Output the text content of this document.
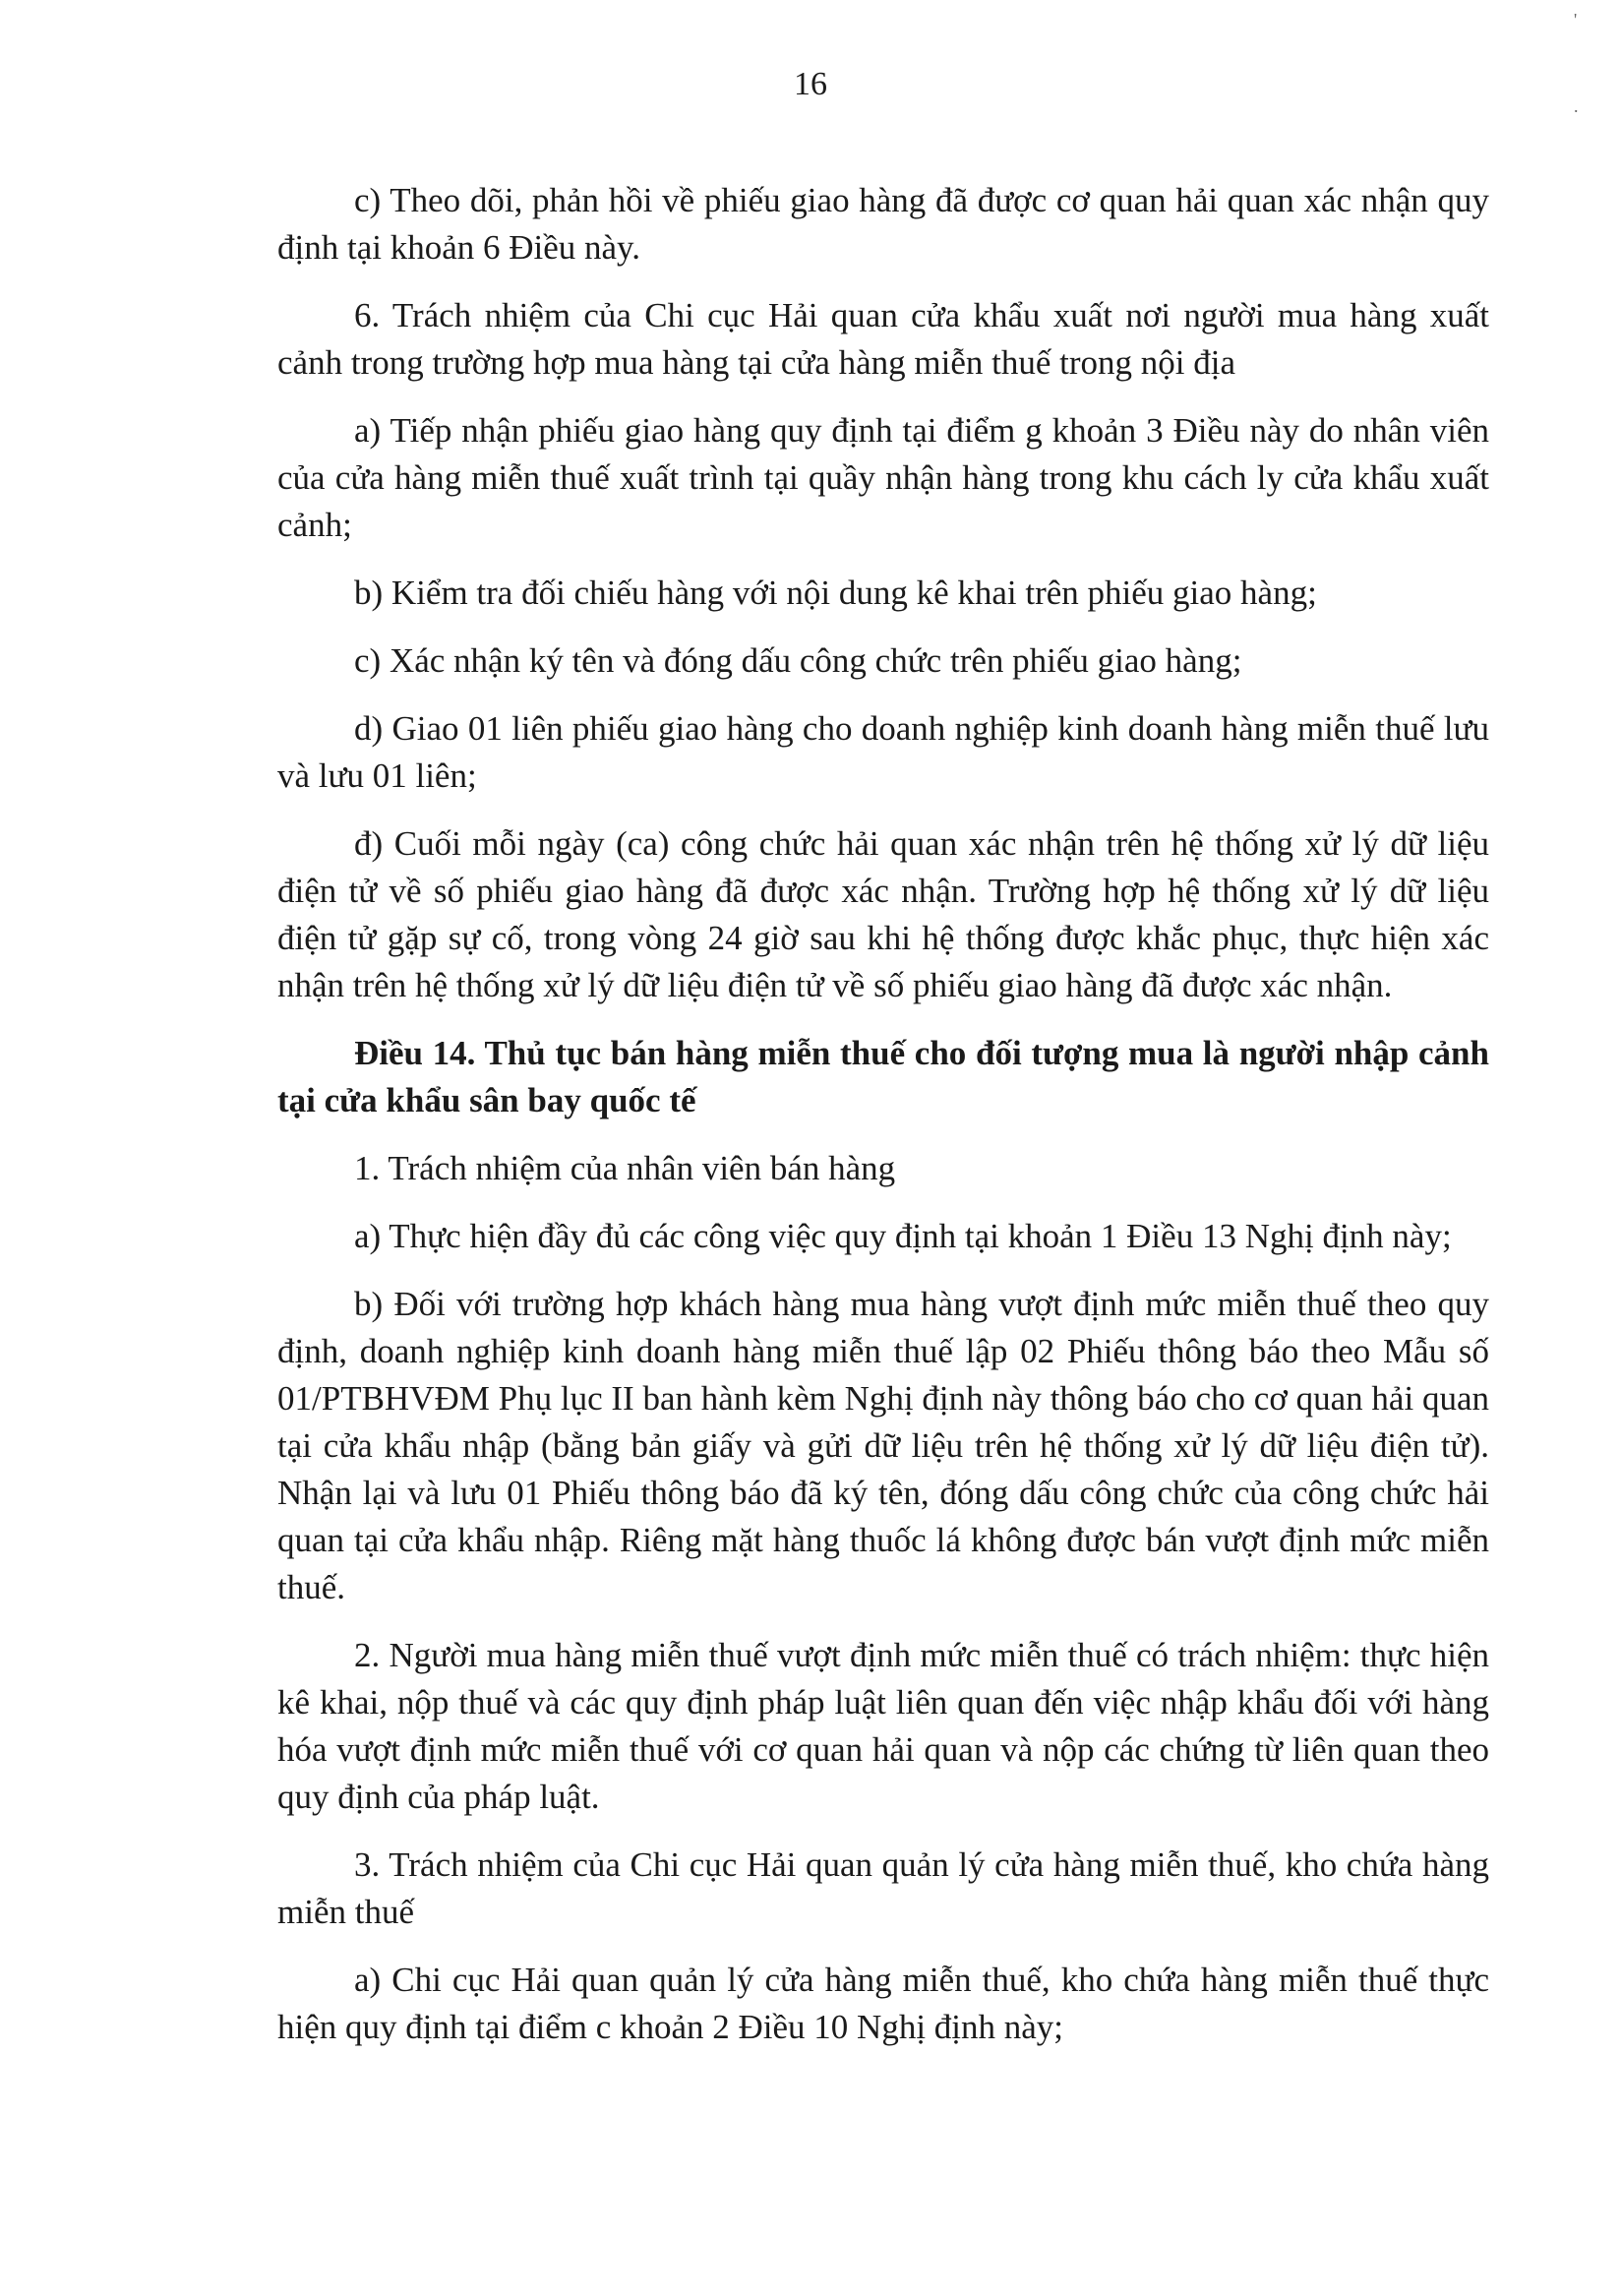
16
'
.

c) Theo dõi, phản hồi về phiếu giao hàng đã được cơ quan hải quan xác nhận quy định tại khoản 6 Điều này.

6. Trách nhiệm của Chi cục Hải quan cửa khẩu xuất nơi người mua hàng xuất cảnh trong trường hợp mua hàng tại cửa hàng miễn thuế trong nội địa

a) Tiếp nhận phiếu giao hàng quy định tại điểm g khoản 3 Điều này do nhân viên của cửa hàng miễn thuế xuất trình tại quầy nhận hàng trong khu cách ly cửa khẩu xuất cảnh;

b) Kiểm tra đối chiếu hàng với nội dung kê khai trên phiếu giao hàng;

c) Xác nhận ký tên và đóng dấu công chức trên phiếu giao hàng;

d) Giao 01 liên phiếu giao hàng cho doanh nghiệp kinh doanh hàng miễn thuế lưu và lưu 01 liên;

đ) Cuối mỗi ngày (ca) công chức hải quan xác nhận trên hệ thống xử lý dữ liệu điện tử về số phiếu giao hàng đã được xác nhận. Trường hợp hệ thống xử lý dữ liệu điện tử gặp sự cố, trong vòng 24 giờ sau khi hệ thống được khắc phục, thực hiện xác nhận trên hệ thống xử lý dữ liệu điện tử về số phiếu giao hàng đã được xác nhận.

Điều 14. Thủ tục bán hàng miễn thuế cho đối tượng mua là người nhập cảnh tại cửa khẩu sân bay quốc tế

1. Trách nhiệm của nhân viên bán hàng

a) Thực hiện đầy đủ các công việc quy định tại khoản 1 Điều 13 Nghị định này;

b) Đối với trường hợp khách hàng mua hàng vượt định mức miễn thuế theo quy định, doanh nghiệp kinh doanh hàng miễn thuế lập 02 Phiếu thông báo theo Mẫu số 01/PTBHVĐM Phụ lục II ban hành kèm Nghị định này thông báo cho cơ quan hải quan tại cửa khẩu nhập (bằng bản giấy và gửi dữ liệu trên hệ thống xử lý dữ liệu điện tử). Nhận lại và lưu 01 Phiếu thông báo đã ký tên, đóng dấu công chức của công chức hải quan tại cửa khẩu nhập. Riêng mặt hàng thuốc lá không được bán vượt định mức miễn thuế.

2. Người mua hàng miễn thuế vượt định mức miễn thuế có trách nhiệm: thực hiện kê khai, nộp thuế và các quy định pháp luật liên quan đến việc nhập khẩu đối với hàng hóa vượt định mức miễn thuế với cơ quan hải quan và nộp các chứng từ liên quan theo quy định của pháp luật.

3. Trách nhiệm của Chi cục Hải quan quản lý cửa hàng miễn thuế, kho chứa hàng miễn thuế

a) Chi cục Hải quan quản lý cửa hàng miễn thuế, kho chứa hàng miễn thuế thực hiện quy định tại điểm c khoản 2 Điều 10 Nghị định này;
